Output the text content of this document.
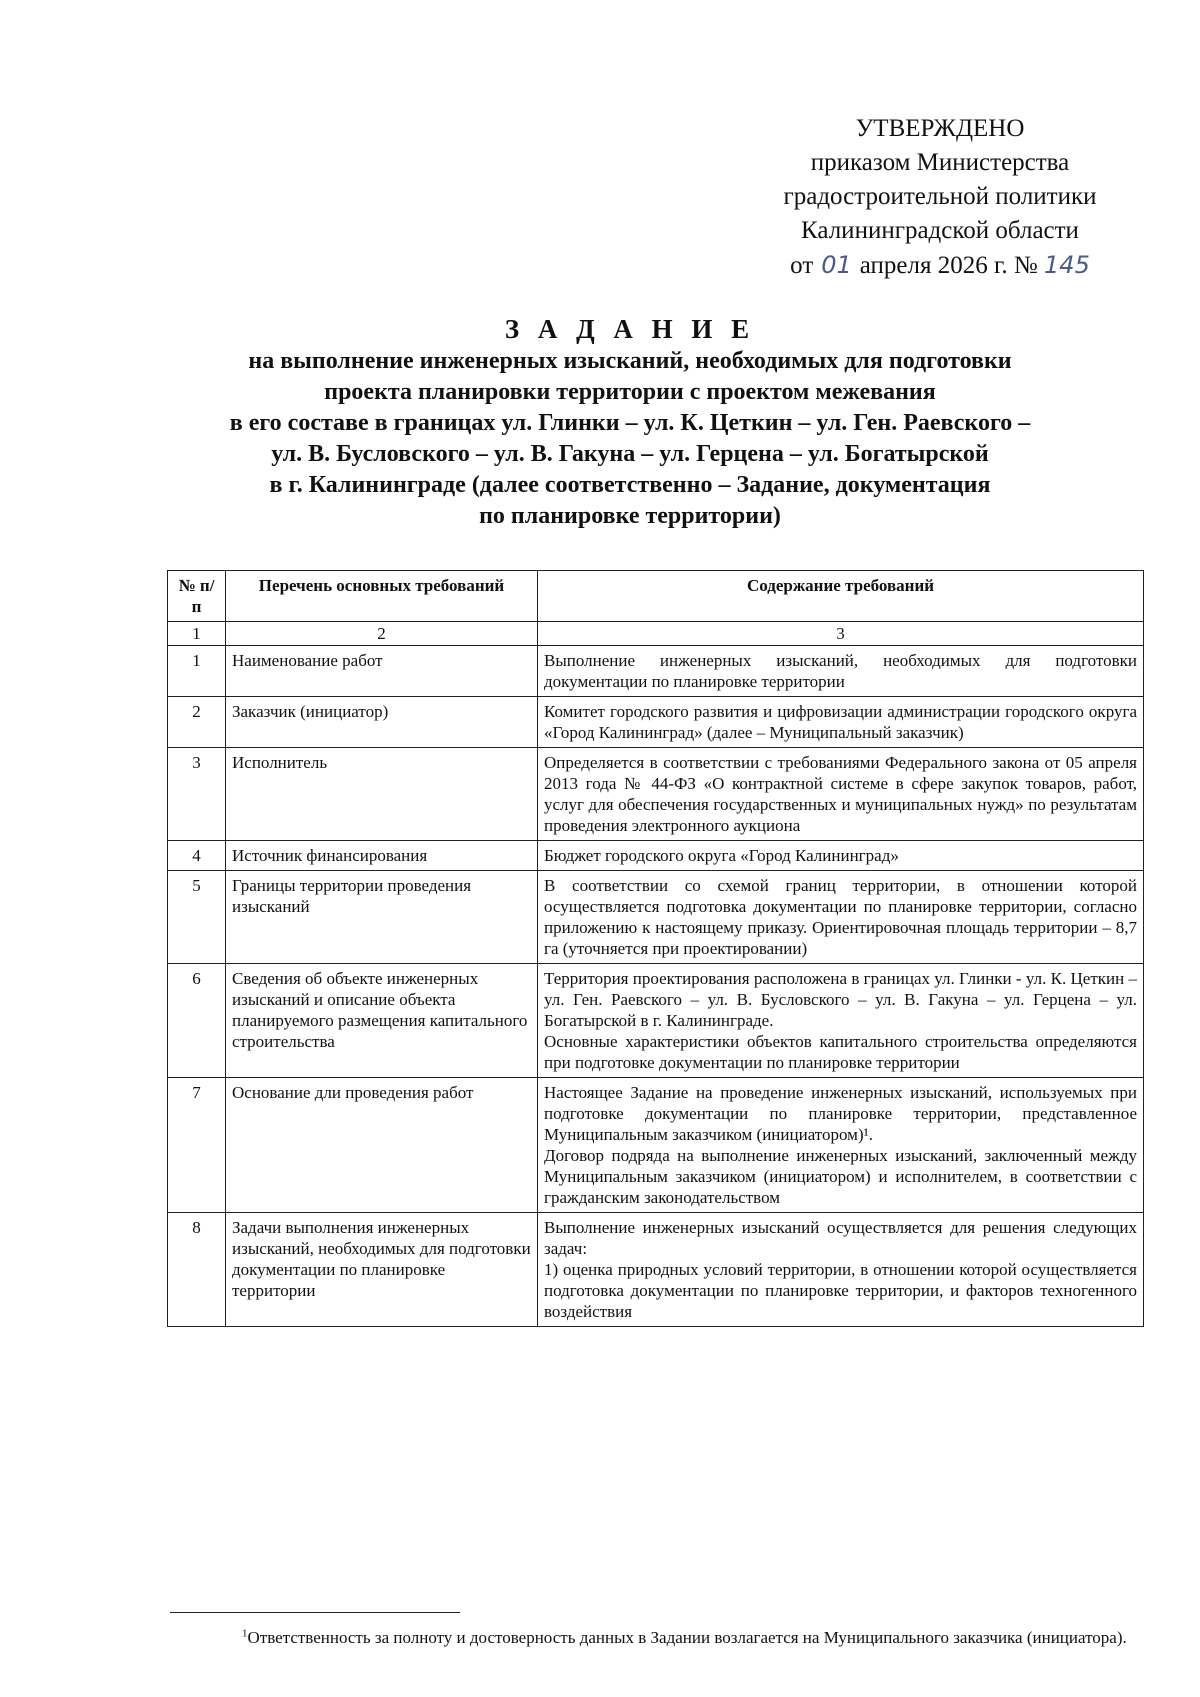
УТВЕРЖДЕНО
приказом Министерства
градостроительной политики
Калининградской области
от 01 апреля 2026 г. № 145
З А Д А Н И Е
на выполнение инженерных изысканий, необходимых для подготовки
проекта планировки территории с проектом межевания
в его составе в границах ул. Глинки – ул. К. Цеткин – ул. Ген. Раевского –
ул. В. Бусловского – ул. В. Гакуна – ул. Герцена – ул. Богатырской
в г. Калининграде (далее соответственно – Задание, документация
по планировке территории)
№ п/п	Перечень основных требований	Содержание требований
1	2	3
1	Наименование работ	Выполнение инженерных изысканий, необходимых для подготовки документации по планировке территории

2	Заказчик (инициатор)	Комитет городского развития и цифровизации администрации городского округа «Город Калининград» (далее – Муниципальный заказчик)

3	Исполнитель	Определяется в соответствии с требованиями Федерального закона от 05 апреля 2013 года № 44-ФЗ «О контрактной системе в сфере закупок товаров, работ, услуг для обеспечения государственных и муниципальных нужд» по результатам проведения электронного аукциона

4	Источник финансирования	Бюджет городского округа «Город Калининград»

5	Границы территории проведения изысканий	В соответствии со схемой границ территории, в отношении которой осуществляется подготовка документации по планировке территории, согласно приложению к настоящему приказу. Ориентировочная площадь территории – 8,7 га (уточняется при проектировании)

6	Сведения об объекте инженерных изысканий и описание объекта планируемого размещения капитального строительства	Территория проектирования расположена в границах ул. Глинки - ул. К. Цеткин – ул. Ген. Раевского – ул. В. Бусловского – ул. В. Гакуна – ул. Герцена – ул. Богатырской в г. Калининграде.
Основные характеристики объектов капитального строительства определяются при подготовке документации по планировке территории

7	Основание дли проведения работ	Настоящее Задание на проведение инженерных изысканий, используемых при подготовке документации по планировке территории, представленное Муниципальным заказчиком (инициатором)¹.
Договор подряда на выполнение инженерных изысканий, заключенный между Муниципальным заказчиком (инициатором) и исполнителем, в соответствии с гражданским законодательством

8	Задачи выполнения инженерных изысканий, необходимых для подготовки документации по планировке территории	Выполнение инженерных изысканий осуществляется для решения следующих задач:
1) оценка природных условий территории, в отношении которой осуществляется подготовка документации по планировке территории, и факторов техногенного воздействия
$^1$Ответственность за полноту и достоверность данных в Задании возлагается на Муниципального заказчика (инициатора).
